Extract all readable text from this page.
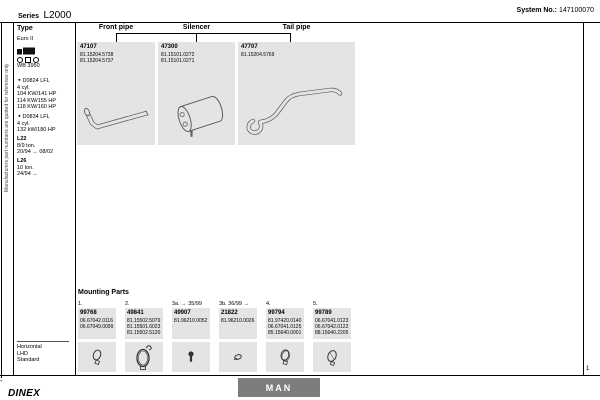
Series L2000	System No.: 147100070
Manufacturers part numbers are quoted for reference only
Type	Front pipe	Silencer	Tail pipe
Euro II
WB 3950
◄ D0824 LFL
4 cyl.
104 KW/141 HP
114 KW/155 HP
118 KW/160 HP
◄ D0834 LFL
4 cyl.
132 kW/180 HP
L22
8/9 ton.
20/94 → 08/02
L26
10 ton.
24/94 →
Horizontal
LHD
Standard
47107
81.15204.5738
81.15204.5737
47300
81.15101.0272
81.15101.0271
47707
81.15204.5769
Mounting Parts
1.
99768
06.67042.0116
06.67049.0099
2.
49841
81.15502.5079
81.15501.6023
81.15502.5120
3a. → 35/99
49907
81.96210.0052
3b. 36/99 →
21822
81.96210.0026
4.
99794
81.97420.0140
06.67041.0125
85.15640.0001
5.
99789
06.67041.0123
06.67042.0122
88.15640.2205
-
1
DINEX
MAN
